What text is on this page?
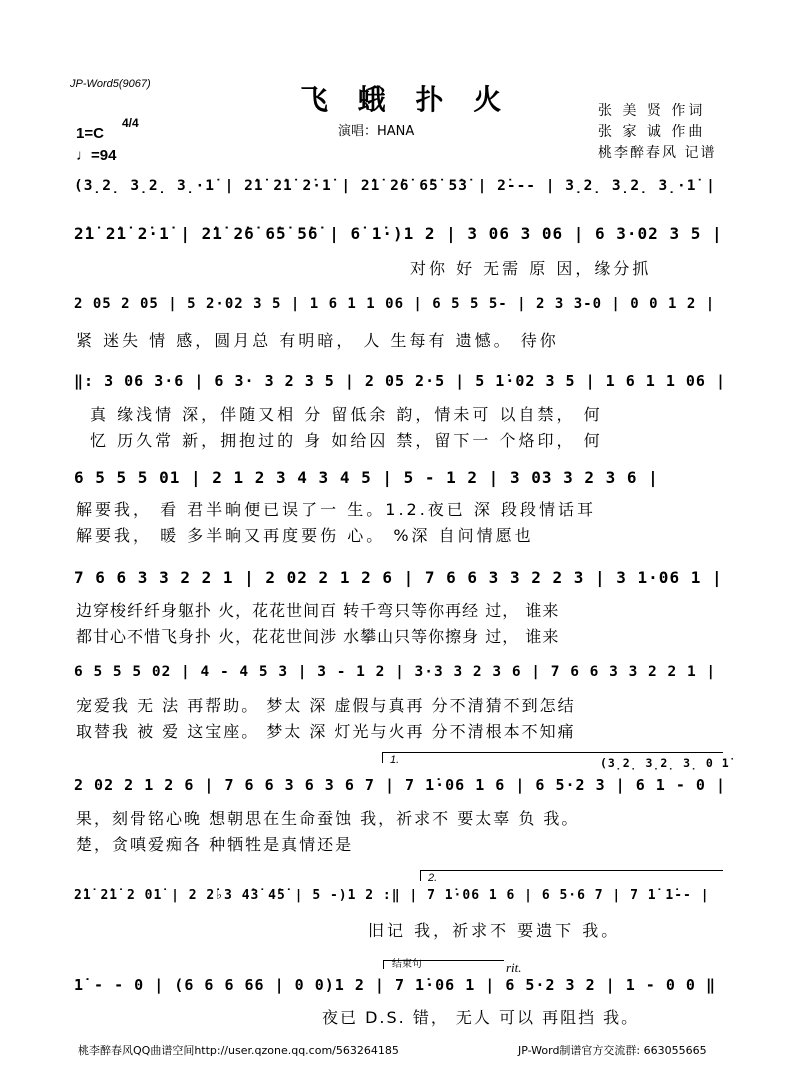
JP-Word5(9067)	飞 蛾 扑 火
演唱：HANA
张 美 贤 作词
张 家 诚 作曲
桃李醉春风 记谱
1=C
4/4
♩=94
(3̣2̣ 3̣2̣ 3̣·1̇ | 2̇1̇ 2̇1̇ 2̇·1̇ | 2̇1̇ 2̇6̇ 6̇5̇ 5̇3̇ | 2̇--- | 3̣2̣ 3̣2̣ 3̣·1̇ |
2̇1̇ 2̇1̇ 2̇·1̇ | 2̇1̇ 2̇6̇ 6̇5̇ 5̇6̇ | 6̇ 1̇·)1 2 | 3 06 3 06 | 6 3·02 3 5 |
对你 好 无需 原 因，缘分抓
2 05 2 05 | 5 2·02 3 5 | 1 6 1 1 06 | 6 5 5 5- | 2 3 3-0 | 0 0 1 2 |
紧 迷失 情 感，圆月总 有明暗， 人 生每有 遗憾。 待你
‖: 3 06 3·6 | 6 3· 3 2 3 5 | 2 05 2·5 | 5 1̇·02 3 5 | 1 6 1 1 06 |
真 缘浅情 深，伴随又相 分 留低余 韵，情未可 以自禁， 何
忆 历久常 新，拥抱过的 身 如给囚 禁，留下一 个烙印， 何
6 5 5 5 01 | 2 1 2 3 4 3 4 5 | 5 - 1 2 | 3 03 3 2 3 6 |
解要我， 看 君半晌便已误了一 生。1.2.夜已 深 段段情话耳
解要我， 暖 多半晌又再度要伤 心。 %深 自问情愿也
7 6 6 3 3 2 2 1 | 2 02 2 1 2 6 | 7 6 6 3 3 2 2 3 | 3 1·06 1 |
边穿梭纤纤身躯扑 火，花花世间百 转千弯只等你再经 过， 谁来
都甘心不惜飞身扑 火，花花世间涉 水攀山只等你擦身 过， 谁来
6 5 5 5 02 | 4 - 4 5 3 | 3 - 1 2 | 3·3 3 2 3 6 | 7 6 6 3 3 2 2 1 |
宠爱我 无 法 再帮助。 梦太 深 虚假与真再 分不清猜不到怎结
取替我 被 爱 这宝座。 梦太 深 灯光与火再 分不清根本不知痛
1.	(3̣2̣ 3̣2̣ 3̣ 0 1̇
2 02 2 1 2 6 | 7 6 6 3 6 3 6 7 | 7 1̇·06 1 6 | 6 5·2 3 | 6 1 - 0 |
果，刻骨铭心晚 想朝思在生命蚕蚀 我，祈求不 要太辜 负 我。
楚，贪嗔爱痴各 种牺牲是真情还是
2.
2̇1̇ 2̇1̇ 2 01̇ | 2 2̇♭3 4̇3̇ 4̇5̇ | 5 -)1 2 :‖ | 7 1̇·06 1 6 | 6 5·6 7 | 7 1̇ 1̇-- |
旧记 我，祈求不 要遗下 我。
结束句	rit.
1̇ - - 0 | (6 6 6 66 | 0 0)1 2 | 7 1̇·06 1 | 6 5·2 3 2 | 1 - 0 0 ‖
夜已 D.S. 错， 无人 可以 再阻挡 我。
桃李醉春风QQ曲谱空间http://user.qzone.qq.com/563264185	JP-Word制谱官方交流群: 663055665
